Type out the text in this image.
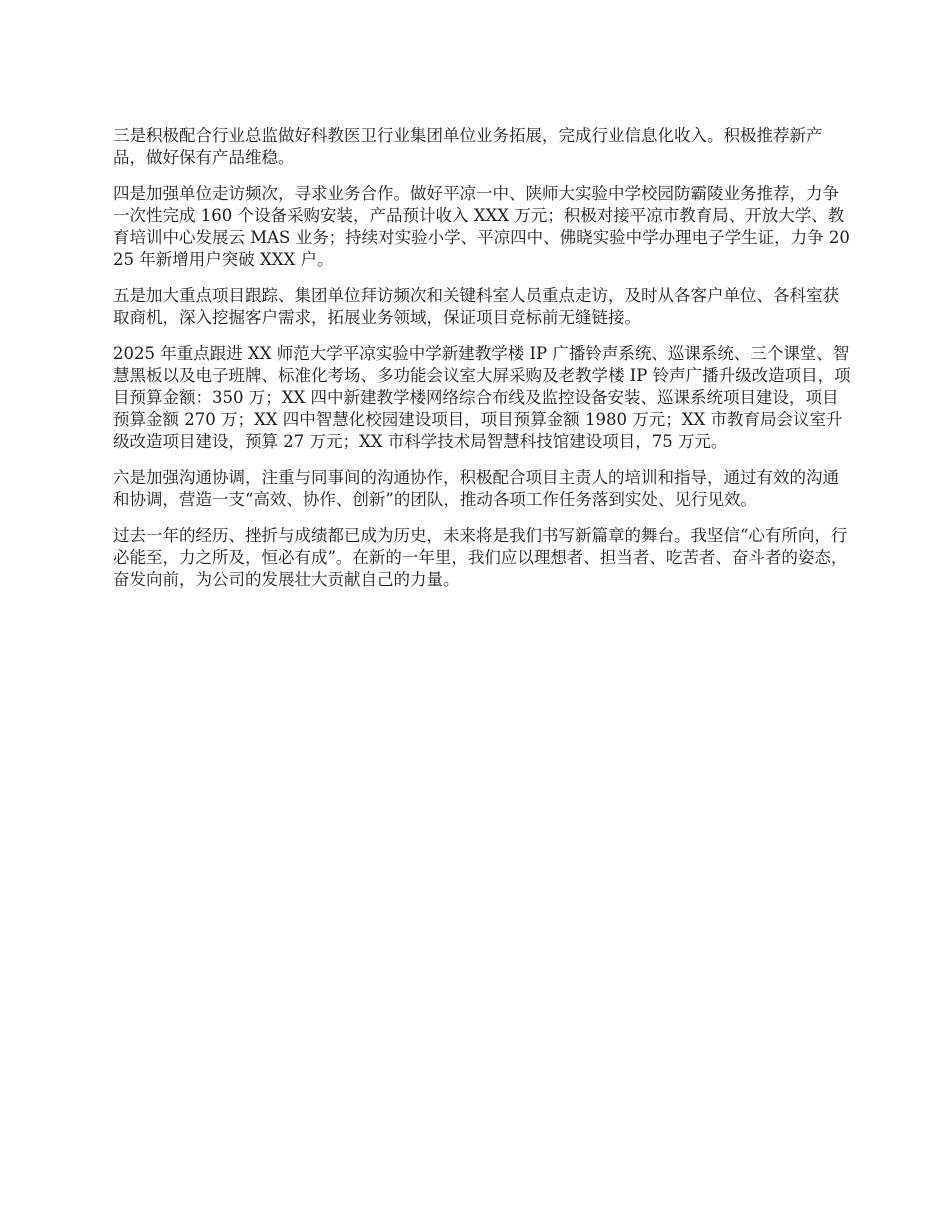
三是积极配合行业总监做好科教医卫行业集团单位业务拓展，完成行业信息化收入。积极推荐新产品，做好保有产品维稳。

四是加强单位走访频次，寻求业务合作。做好平凉一中、陕师大实验中学校园防霸陵业务推荐，力争一次性完成 160 个设备采购安装，产品预计收入 XXX 万元；积极对接平凉市教育局、开放大学、教育培训中心发展云 MAS 业务；持续对实验小学、平凉四中、佛晓实验中学办理电子学生证，力争 2025 年新增用户突破 XXX 户。

五是加大重点项目跟踪、集团单位拜访频次和关键科室人员重点走访，及时从各客户单位、各科室获取商机，深入挖掘客户需求，拓展业务领域，保证项目竞标前无缝链接。

2025 年重点跟进 XX 师范大学平凉实验中学新建教学楼 IP 广播铃声系统、巡课系统、三个课堂、智慧黑板以及电子班牌、标准化考场、多功能会议室大屏采购及老教学楼 IP 铃声广播升级改造项目，项目预算金额：350 万；XX 四中新建教学楼网络综合布线及监控设备安装、巡课系统项目建设，项目预算金额 270 万；XX 四中智慧化校园建设项目，项目预算金额 1980 万元；XX 市教育局会议室升级改造项目建设，预算 27 万元；XX 市科学技术局智慧科技馆建设项目，75 万元。

六是加强沟通协调，注重与同事间的沟通协作，积极配合项目主责人的培训和指导，通过有效的沟通和协调，营造一支“高效、协作、创新”的团队，推动各项工作任务落到实处、见行见效。

过去一年的经历、挫折与成绩都已成为历史，未来将是我们书写新篇章的舞台。我坚信“心有所向，行必能至，力之所及，恒必有成”。在新的一年里，我们应以理想者、担当者、吃苦者、奋斗者的姿态，奋发向前，为公司的发展壮大贡献自己的力量。
